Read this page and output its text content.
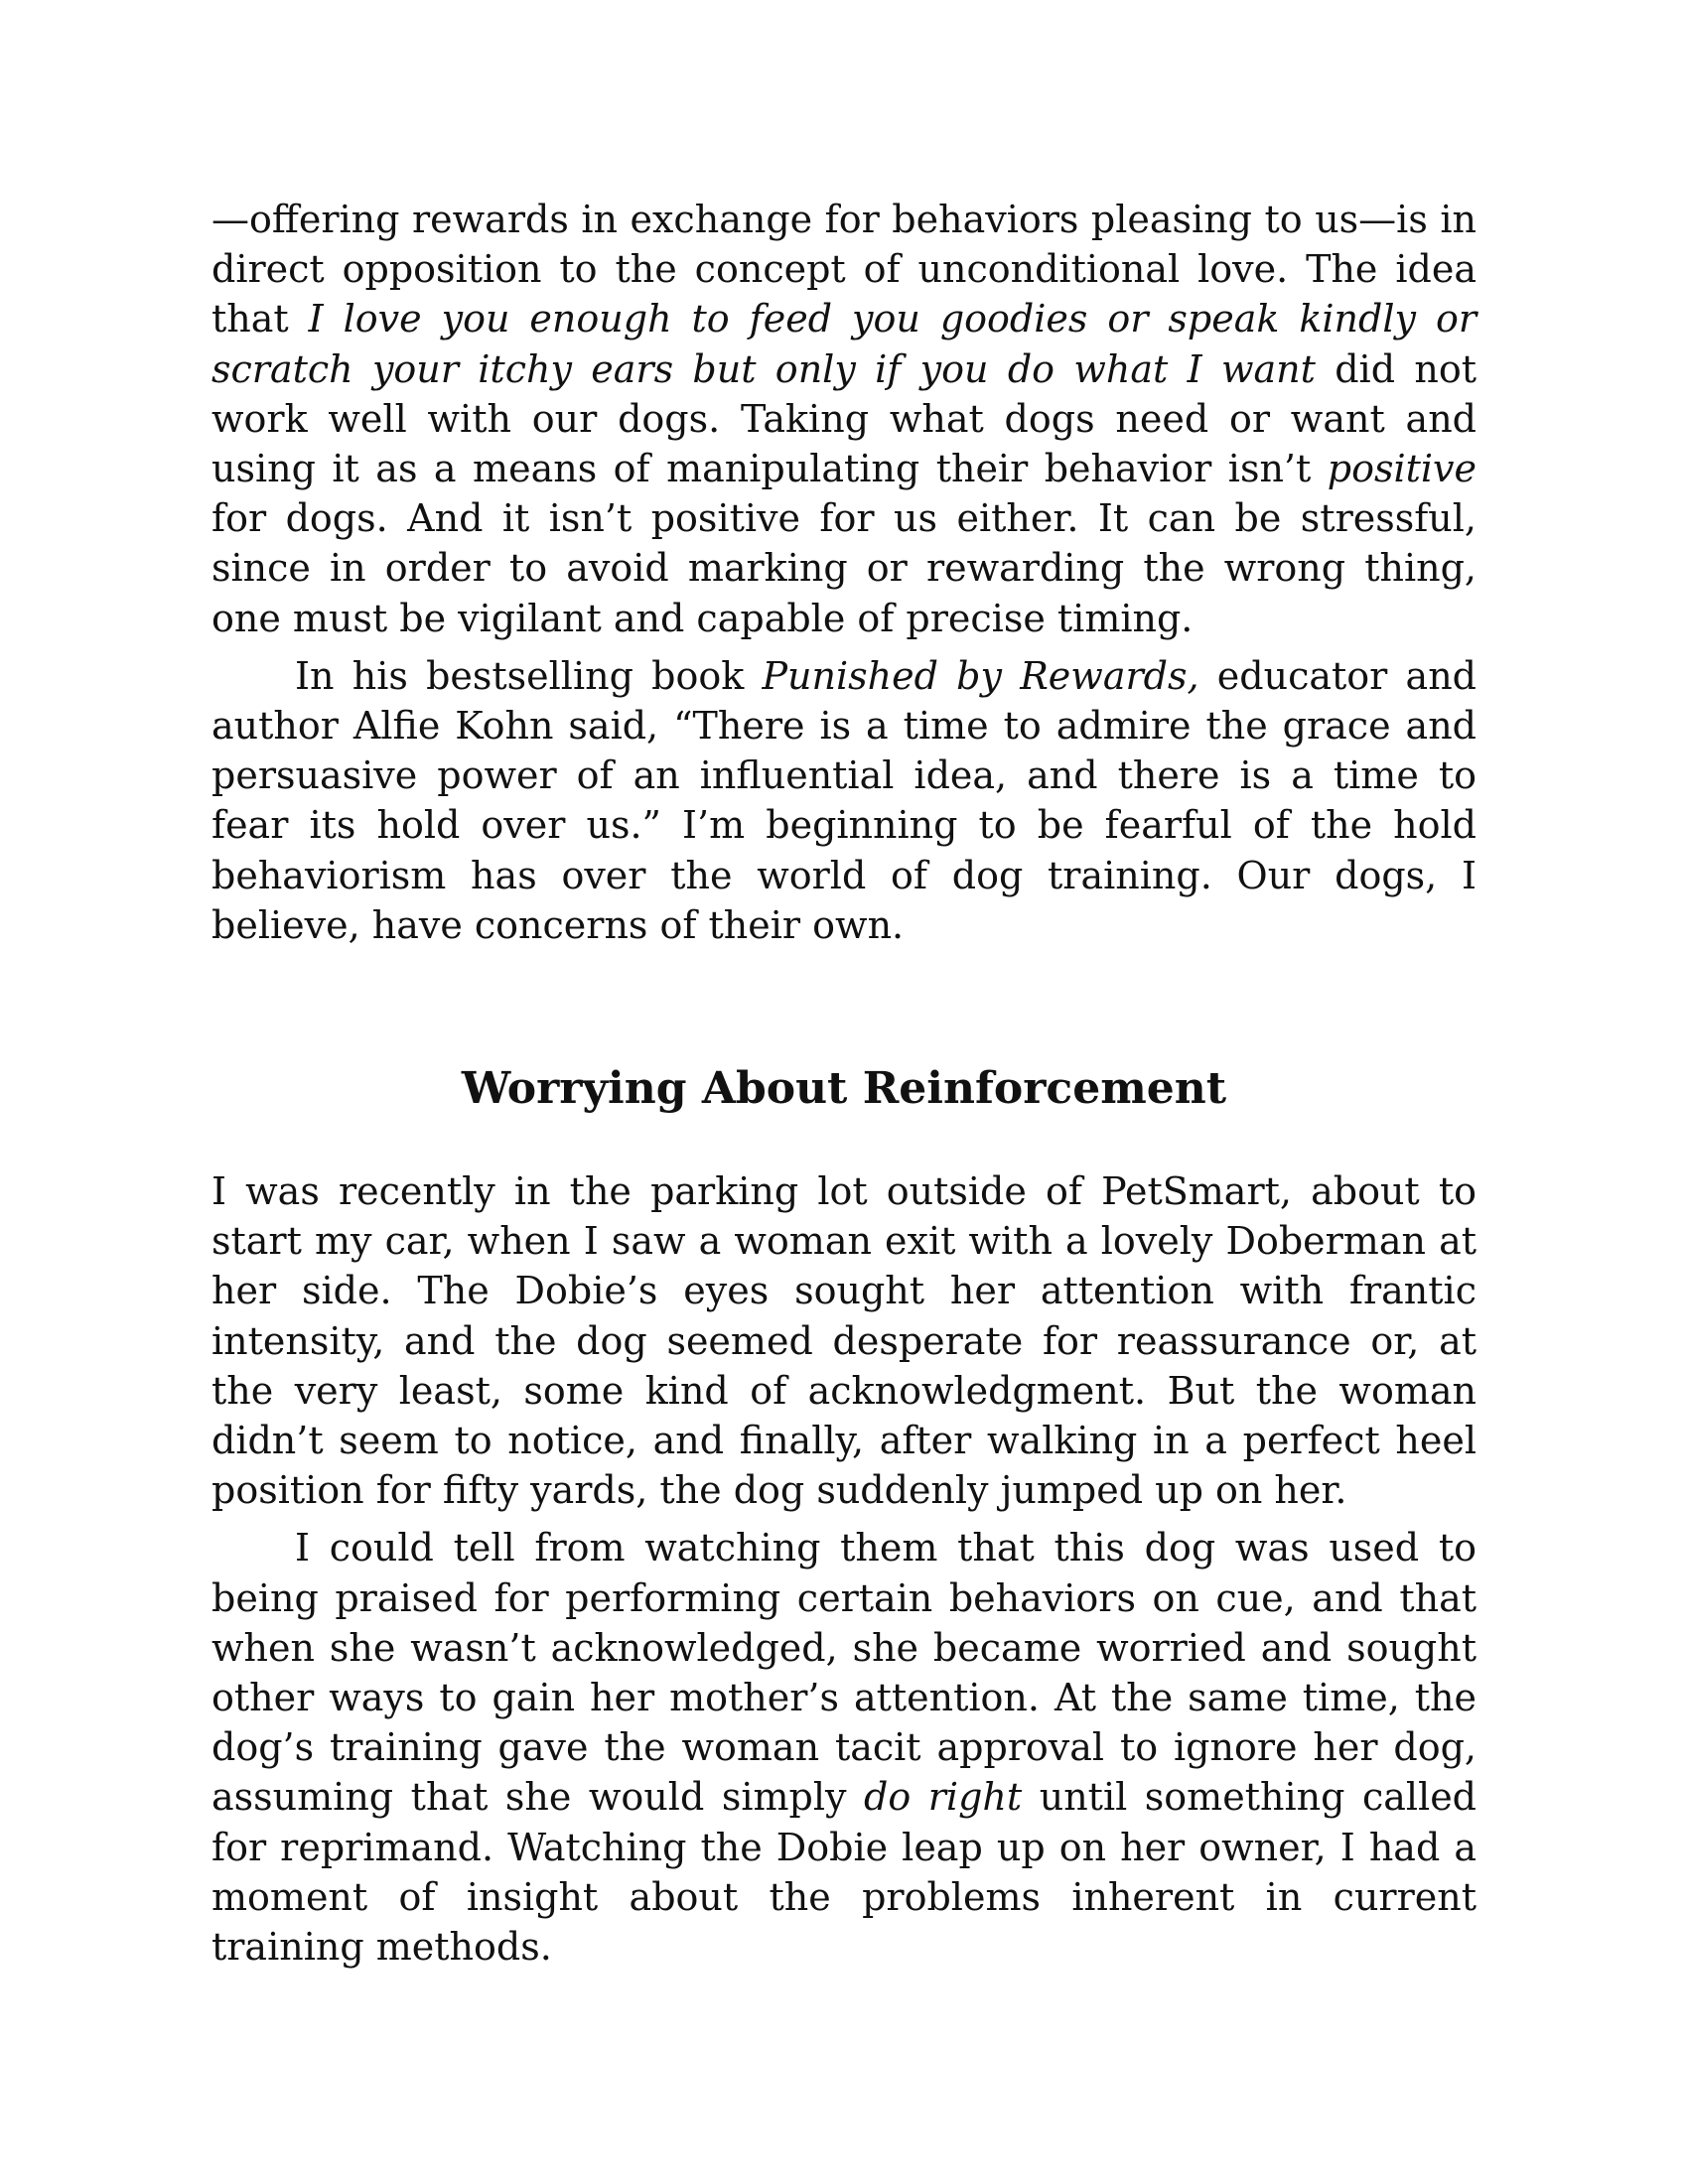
—offering rewards in exchange for behaviors pleasing to us—is in direct opposition to the concept of unconditional love. The idea that I love you enough to feed you goodies or speak kindly or scratch your itchy ears but only if you do what I want did not work well with our dogs. Taking what dogs need or want and using it as a means of manipulating their behavior isn’t positive for dogs. And it isn’t positive for us either. It can be stressful, since in order to avoid marking or rewarding the wrong thing, one must be vigilant and capable of precise timing.

In his bestselling book Punished by Rewards, educator and author Alfie Kohn said, “There is a time to admire the grace and persuasive power of an influential idea, and there is a time to fear its hold over us.” I’m beginning to be fearful of the hold behaviorism has over the world of dog training. Our dogs, I believe, have concerns of their own.

Worrying About Reinforcement

I was recently in the parking lot outside of PetSmart, about to start my car, when I saw a woman exit with a lovely Doberman at her side. The Dobie’s eyes sought her attention with frantic intensity, and the dog seemed desperate for reassurance or, at the very least, some kind of acknowledgment. But the woman didn’t seem to notice, and finally, after walking in a perfect heel position for fifty yards, the dog suddenly jumped up on her.

I could tell from watching them that this dog was used to being praised for performing certain behaviors on cue, and that when she wasn’t acknowledged, she became worried and sought other ways to gain her mother’s attention. At the same time, the dog’s training gave the woman tacit approval to ignore her dog, assuming that she would simply do right until something called for reprimand. Watching the Dobie leap up on her owner, I had a moment of insight about the problems inherent in current training methods.
